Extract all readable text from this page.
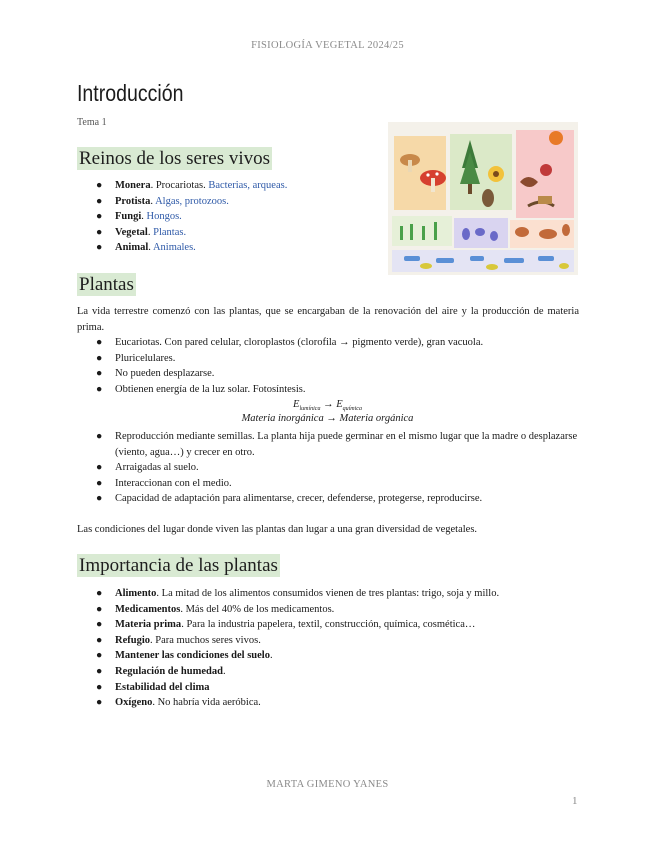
FISIOLOGÍA VEGETAL 2024/25
Introducción
Tema 1
Reinos de los seres vivos
● Monera. Procariotas. Bacterias, arqueas.
● Protista. Algas, protozoos.
● Fungi. Hongos.
● Vegetal. Plantas.
● Animal. Animales.
Plantas
La vida terrestre comenzó con las plantas, que se encargaban de la renovación del aire y la producción de materia prima.
● Eucariotas. Con pared celular, cloroplastos (clorofila → pigmento verde), gran vacuola.
● Pluricelulares.
● No pueden desplazarse.
● Obtienen energía de la luz solar. Fotosíntesis.
$E_{lumínica} \to E_{química}$
Materia inorgánica → Materia orgánica
● Reproducción mediante semillas. La planta hija puede germinar en el mismo lugar que la madre o desplazarse (viento, agua…) y crecer en otro.
● Arraigadas al suelo.
● Interaccionan con el medio.
● Capacidad de adaptación para alimentarse, crecer, defenderse, protegerse, reproducirse.
Las condiciones del lugar donde viven las plantas dan lugar a una gran diversidad de vegetales.
Importancia de las plantas
● Alimento. La mitad de los alimentos consumidos vienen de tres plantas: trigo, soja y millo.
● Medicamentos. Más del 40% de los medicamentos.
● Materia prima. Para la industria papelera, textil, construcción, química, cosmética…
● Refugio. Para muchos seres vivos.
● Mantener las condiciones del suelo.
● Regulación de humedad.
● Estabilidad del clima
● Oxígeno. No habría vida aeróbica.
MARTA GIMENO YANES
1
